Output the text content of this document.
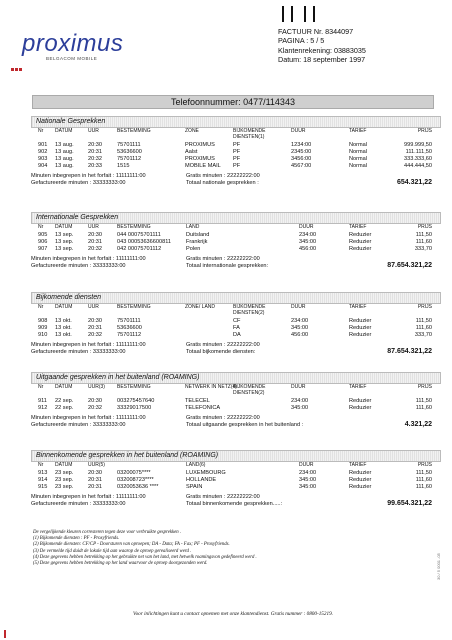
proximus
BELGACOM MOBILE
FACTUUR Nr. 8344097
PAGINA : 5 / 5
Klantenrekening: 03883035
Datum: 18 september 1997
Telefoonnummer: 0477/114343
Nationale Gesprekken
Nr	DATUM	UUR	BESTEMMING	ZONE	BIJKOMENDE DIENSTEN(1)
DUUR	TARIEF	PRIJS
901 13 aug.	20:30	75701111	PROXIMUS	PF	1234:00	Normal	999.999,50
902 13 aug.	20:31	53636600	Aalst	PF	2345:00	Normal	111.111,50
903 13 aug.	20:32	75701112	PROXIMUS	PF	3456:00	Normal	333.333,60
904 13 aug.	20:33	1515	MOBILE MAIL PF	4567:00	Normal	444.444,50
Minuten inbegrepen in het forfait : 11111111:00	Gratis minuten : 22222222:00
Gefactureerde minuten : 33333333:00	Totaal nationale gesprekken :	654.321,22
Internationale Gesprekken
Nr	DATUM	UUR	BESTEMMING	LAND	DUUR	TARIEF	PRIJS
905 13 sep.	20:30	044 00075701111	Duitsland	234:00	Reduzier	111,50
906 13 sep.	20:31	043 00053636600811	Frankrijk	345:00	Reduzier	111,60
907 13 sep.	20:32	042 00075701112	Polen	456:00	Reduzier	333,70
Minuten inbegrepen in het forfait : 11111111:00	Gratis minuten : 22222222:00
Gefactureerde minuten : 33333333:00	Totaal internationale gesprekken:	87.654.321,22
Bijkomende diensten
Nr	DATUM	UUR	BESTEMMING	ZONE/ LAND	BIJKOMENDE DIENSTEN(2)
DUUR	TARIEF	PRIJS
908 13 okt.	20:30	75701111	CF	234:00	Reduzier	111,50
909 13 okt.	20:31	53636600	FA	345:00	Reduzier	111,60
910 13 okt.	20:32	75701112	DA	456:00	Reduzier	333,70
Minuten inbegrepen in het forfait : 11111111:00	Gratis minuten : 22222222:00
Gefactureerde minuten : 33333333:00	Totaal bijkomende diensten:	87.654.321,22
Uitgaande gesprekken in het buitenland (ROAMING)
Nr	DATUM	UUR(3)	BESTEMMING	NETWERK IN NETZ(4)
BIJKOMENDE DIENSTEN(2)
DUUR	TARIEF	PRIJS
911 22 sep.	20:30	003275457640	TELECEL	234:00	Reduzier	111,50
912 22 sep.	20:32	33329017500	TELEFONICA	345:00	Reduzier	111,60
Minuten inbegrepen in het forfait : 11111111:00	Gratis minuten : 22222222:00
Gefactureerde minuten : 33333333:00	Totaal uitgaande gesprekken in het buitenland :	4.321,22
Binnenkomende gesprekken in het buitenland (ROAMING)
Nr	DATUM	UUR(5)	LAND(6)	DUUR	TARIEF	PRIJS
913 23 sep.	20:30	03200075****	LUXEMBOURG	234:00	Reduzier	111,50
914 23 sep.	20:31	032008723****	HOLLANDE	345:00	Reduzier	111,60
915 23 sep.	20:31	0320053636 ****	SPAIN	345:00	Reduzier	111,60
Minuten inbegrepen in het forfait : 11111111:00	Gratis minuten : 22222222:00
Gefactureerde minuten : 33333333:00	Totaal binnenkomende gesprekken.....:	99.654.321,22
De vergelijkende kleuren corresteren tegen deze voor verbruikte gesprekken .
(1) Bijkomende diensten : PF - Proxyfriends.
(2) Bijkomende diensten: CF/CP - Doorsturen van oproepen; DA - Data; FA - Fax; PF - Proxyfriends.
(3) De vermelde tijd duidt de lokale tijd aan waarop de oproep gerealiseerd werd .
(4) Deze gegevens hebben betrekking op het gebruikte net van het land, met hetwelk roamingsvon gedefineerd werd .
(5) Deze gegevens hebben betrekking op het land waarvoor de oproep doorgezonden werd.
Voor inlichtingen kunt u contact opnemen met onze klantendienst. Gratis nummer : 0800-15219.
30 / 5 0001 -05
